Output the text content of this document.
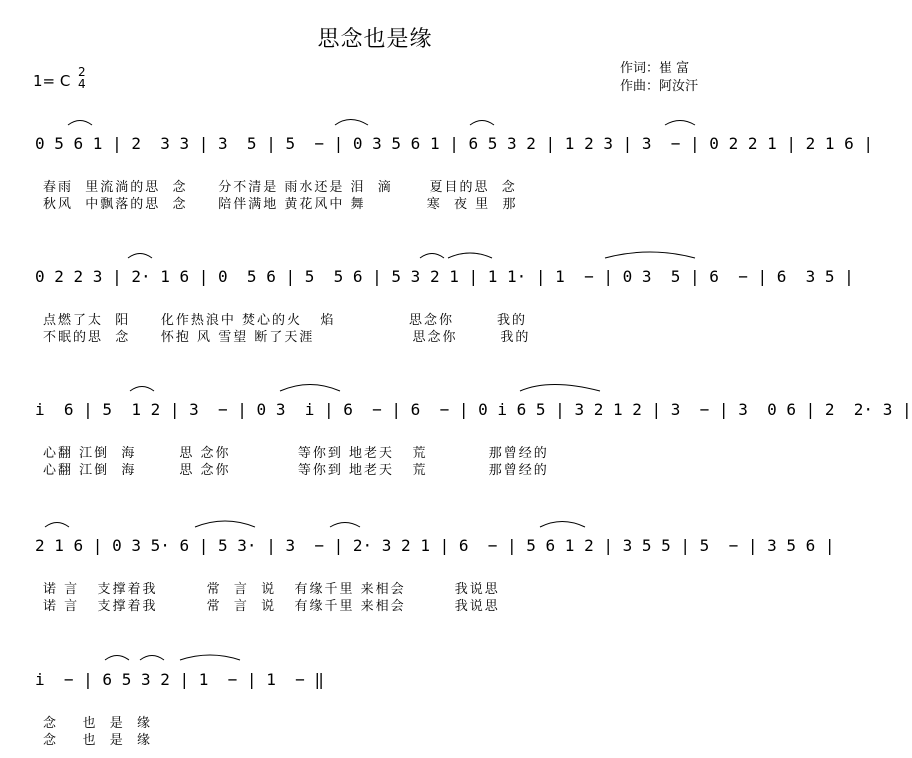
思念也是缘
1= C 2
4
作词：崔 富
作曲：阿汝汗
0 5 6 1 | 2  3 3 | 3  5 | 5  − | 0 3 5 6 1 | 6 5 3 2 | 1 2 3 | 3  − | 0 2 2 1 | 2 1 6 |
春雨  里流淌的思  念     分不清是 雨水还是 泪  滴      夏目的思  念
秋风  中飘落的思  念     陪伴满地 黄花风中 舞          寒  夜 里  那
0 2 2 3 | 2· 1 6 | 0  5 6 | 5  5 6 | 5 3 2 1 | 1 1· | 1  − | 0 3  5 | 6  − | 6  3 5 |
点燃了太  阳     化作热浪中 焚心的火   焰            思念你       我的
不眠的思  念     怀抱 风 雪望 断了天涯                思念你       我的
i  6 | 5  1 2 | 3  − | 0 3  i | 6  − | 6  − | 0 i 6 5 | 3 2 1 2 | 3  − | 3  0 6 | 2  2· 3 |
心翻 江倒  海       思 念你           等你到 地老天   荒          那曾经的
心翻 江倒  海       思 念你           等你到 地老天   荒          那曾经的
2 1 6 | 0 3 5· 6 | 5 3· | 3  − | 2· 3 2 1 | 6  − | 5 6 1 2 | 3 5 5 | 5  − | 3 5 6 |
诺 言   支撑着我        常  言  说   有缘千里 来相会        我说思
诺 言   支撑着我        常  言  说   有缘千里 来相会        我说思
i  − | 6 5 3 2 | 1  − | 1  − ‖
念    也  是  缘
念    也  是  缘
